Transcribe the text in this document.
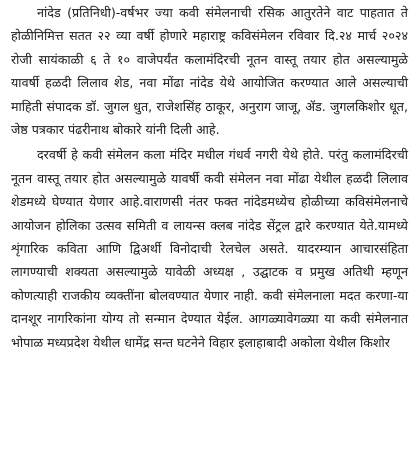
नांदेड (प्रतिनिधी)-वर्षभर ज्या कवी संमेलनाची रसिक आतुरतेने वाट पाहतात ते होळीनिमित्त सतत २२ व्या वर्षी होणारे महाराष्ट्र कविसंमेलन रविवार दि.२४ मार्च २०२४ रोजी सायंकाळी ६ ते १० वाजेपर्यंत कलामंदिरची नूतन वास्तू तयार होत असल्यामुळे यावर्षी हळदी लिलाव शेड, नवा मोंढा नांदेड येथे आयोजित करण्यात आले असल्याची माहिती संपादक डॉ. जुगल धुत, राजेशसिंह ठाकूर, अनुराग जाजू, ॲड. जुगलकिशोर धूत, जेष्ठ पत्रकार पंढरीनाथ बोकारे यांनी दिली आहे.

दरवर्षी हे कवी संमेलन कला मंदिर मधील गंधर्व नगरी येथे होते. परंतु कलामंदिरची नूतन वास्तू तयार होत असल्यामुळे यावर्षी कवी संमेलन नवा मोंढा येथील हळदी लिलाव शेडमध्ये घेण्यात येणार आहे.वाराणसी नंतर फक्त नांदेडमध्येच होळीच्या कविसंमेलनाचे आयोजन होलिका उत्सव समिती व लायन्स क्लब नांदेड सेंट्रल द्वारे करण्यात येते.यामध्ये शृंगारिक कविता आणि द्विअर्थी विनोदाची रेलचेल असते. यादरम्यान आचारसंहिता लागण्याची शक्यता असल्यामुळे यावेळी अध्यक्ष , उद्घाटक व प्रमुख अतिथी म्हणून कोणत्याही राजकीय व्यक्तींना बोलवण्यात येणार नाही. कवी संमेलनाला मदत करणा-या दानशूर नागरिकांना योग्य तो सन्मान देण्यात येईल. आगळ्यावेगळ्या या कवी संमेलनात भोपाळ मध्यप्रदेश येथील धामेंद्र सन्त घटनेने विहार इलाहाबादी अकोला येथील किशोर
